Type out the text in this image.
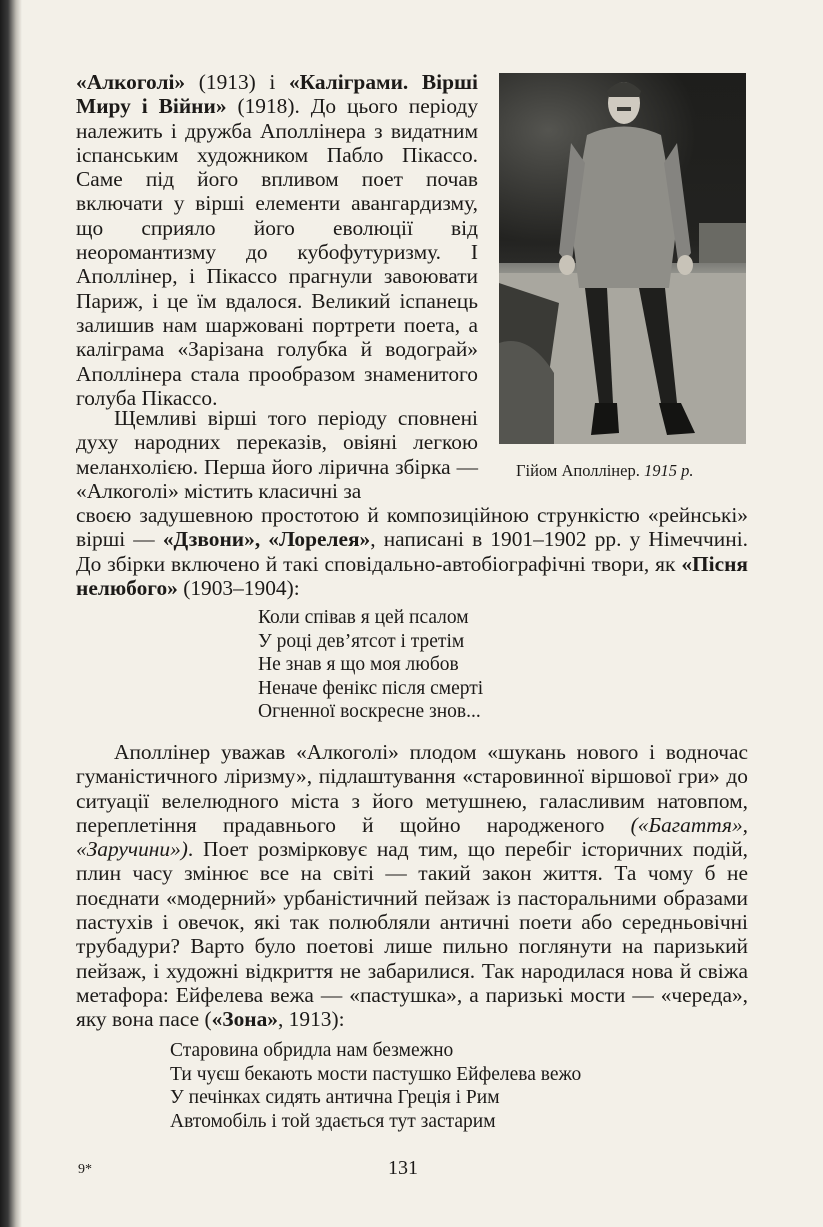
«Алкоголі» (1913) і «Каліграми. Вірші Миру і Війни» (1918). До цього періоду належить і дружба Аполлінера з видатним іспанським художником Пабло Пікассо. Саме під його впливом поет почав включати у вірші елементи авангардизму, що сприяло його еволюції від неоромантизму до кубофутуризму. І Аполлінер, і Пікассо прагнули завоювати Париж, і це їм вдалося. Великий іспанець залишив нам шаржовані портрети поета, а каліграма «Зарізана голубка й водограй» Аполлінера стала прообразом знаменитого голуба Пікассо.

Гійом Аполлінер. 1915 р.

Щемливі вірші того періоду сповнені духу народних переказів, овіяні легкою меланхолією. Перша його лірична збірка — «Алкоголі» містить класичні за

своєю задушевною простотою й композиційною стрункістю «рейнські» вірші — «Дзвони», «Лорелея», написані в 1901–1902 рр. у Німеччині. До збірки включено й такі сповідально-автобіографічні твори, як «Пісня нелюбого» (1903–1904):

Коли співав я цей псалом
У році дев’ятсот і третім
Не знав я що моя любов
Неначе фенікс після смерті
Огненної воскресне знов...

Аполлінер уважав «Алкоголі» плодом «шукань нового і водночас гуманістичного ліризму», підлаштування «старовинної віршової гри» до ситуації велелюдного міста з його метушнею, галасливим натовпом, переплетіння прадавнього й щойно народженого («Багаття», «Заручини»). Поет розмірковує над тим, що перебіг історичних подій, плин часу змінює все на світі — такий закон життя. Та чому б не поєднати «модерний» урбаністичний пейзаж із пасторальними образами пастухів і овечок, які так полюбляли античні поети або середньовічні трубадури? Варто було поетові лише пильно поглянути на паризький пейзаж, і художні відкриття не забарилися. Так народилася нова й свіжа метафора: Ейфелева вежа — «пастушка», а паризькі мости — «череда», яку вона пасе («Зона», 1913):

Старовина обридла нам безмежно
Ти чуєш бекають мости пастушко Ейфелева вежо
У печінках сидять антична Греція і Рим
Автомобіль і той здається тут застарим
9*	131
